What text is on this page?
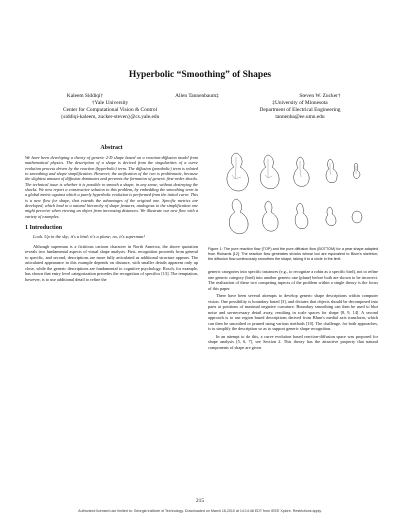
Hyperbolic “Smoothing” of Shapes
Kaleem Siddiqi†
†Yale University
Center for Computational Vision & Control
{siddiqi-kaleem, zucker-steven}@cs.yale.edu
Allen Tannenbaum‡	Steven W. Zucker†
‡University of Minnesota
Department of Electrical Engineering
tannenba@ee.umn.edu
Abstract
We have been developing a theory of generic 2-D shape based on a reaction-diffusion model from mathematical physics. The description of a shape is derived from the singularities of a curve evolution process driven by the reaction (hyperbolic) term. The diffusion (parabolic) term is related to smoothing and shape simplification. However, the unification of the two is problematic, because the slightest amount of diffusion dominates and prevents the formation of generic first-order shocks. The technical issue is whether it is possible to smooth a shape, in any sense, without destroying the shocks. We now report a constructive solution to this problem, by embedding the smoothing term in a global metric against which a purely hyperbolic evolution is performed from the initial curve. This is a new flow for shape, that extends the advantages of the original one. Specific metrics are developed, which lead to a natural hierarchy of shape features, analogous to the simplification one might perceive when viewing an object from increasing distances. We illustrate our new flow with a variety of examples.
1 Introduction
Look. Up in the sky; it's a bird; it's a plane; no, it's superman!
Although superman is a fictitious cartoon character in North America, the above quotation reveals two fundamental aspects of visual shape analysis. First, recognition proceeds from general to specific, and second, descriptions are more fully articulated as additional structure appears. The articulated appearance in this example depends on distance, with smaller details apparent only up close, while the generic descriptions are fundamental to cognitive psychology. Rosch, for example, has shown that entry level categorization precedes the recognition of specifics [13]. The temptation, however, is to use additional detail to refine the
Figure 1: The pure reaction flow (TOP) and the pure diffusion flow (BOTTOM) for a pear shape adapted from Richards [12]. The reaction flow generates shocks whose loci are equivalent to Blum's skeleton; the diffusion flow continuously smoothes the shape, taking it to a circle in the limit.
generic categories into specific instances (e.g., to recognize a robin as a specific bird), not to refine one generic category (bird) into another generic one (plane) before both are shown to be incorrect. The realization of these two competing aspects of the problem within a single theory is the focus of this paper.
There have been several attempts to develop generic shape descriptions within computer vision. One possibility is boundary based [3], and dictates that objects should be decomposed into parts at positions of maximal negative curvature. Boundary smoothing can then be used to blur noise and un-necessary detail away, resulting in scale spaces for shape [8, 9, 14]. A second approach is to use region based descriptions derived from Blum's medial axis transform, which can then be smoothed or pruned using various methods [10]. The challenge, for both approaches, is to simplify the description so as to support generic shape recognition.
In an attempt to do this, a curve evolution based reaction-diffusion space was proposed for shape analysis [5, 6, 7], see Section 2. This theory has the attractive property that natural components of shape are given
215
Authorized licensed use limited to: Georgia Institute of Technology. Downloaded on March 16,2010 at 14:14:48 EDT from IEEE Xplore. Restrictions apply.
